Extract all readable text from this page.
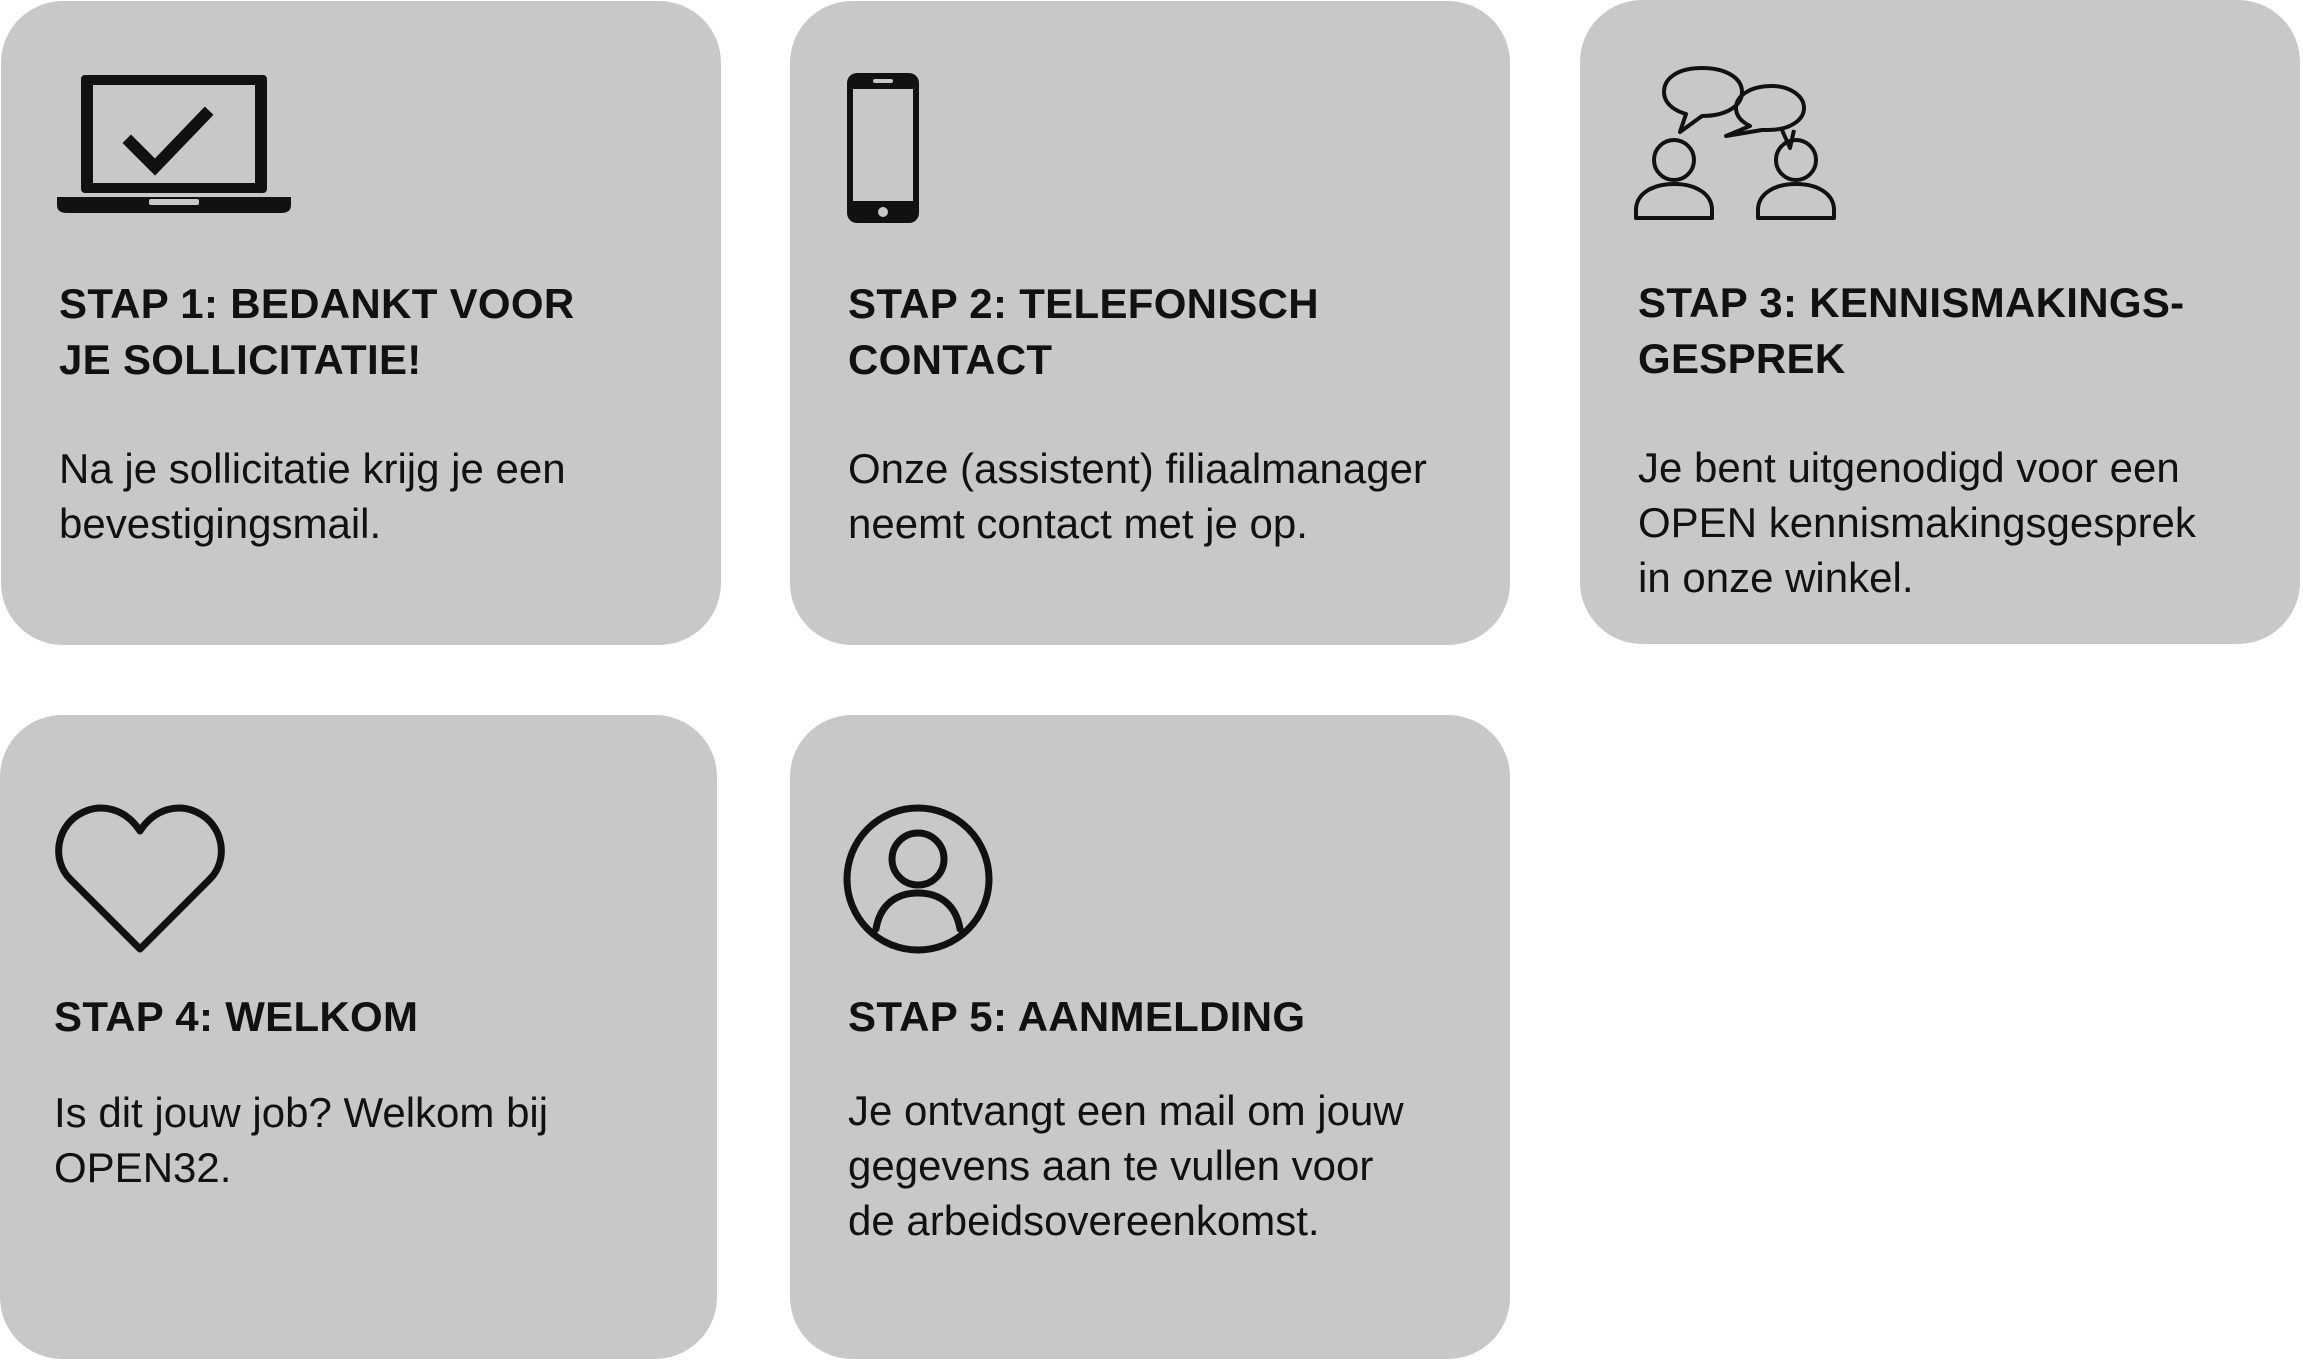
STAP 1: BEDANKT VOOR
JE SOLLICITATIE!
Na je sollicitatie krijg je een
bevestigingsmail.
STAP 2: TELEFONISCH
CONTACT
Onze (assistent) filiaalmanager
neemt contact met je op.
STAP 3: KENNISMAKINGS-
GESPREK
Je bent uitgenodigd voor een
OPEN kennismakingsgesprek
in onze winkel.
STAP 4: WELKOM
Is dit jouw job? Welkom bij
OPEN32.
STAP 5: AANMELDING
Je ontvangt een mail om jouw
gegevens aan te vullen voor
de arbeidsovereenkomst.
